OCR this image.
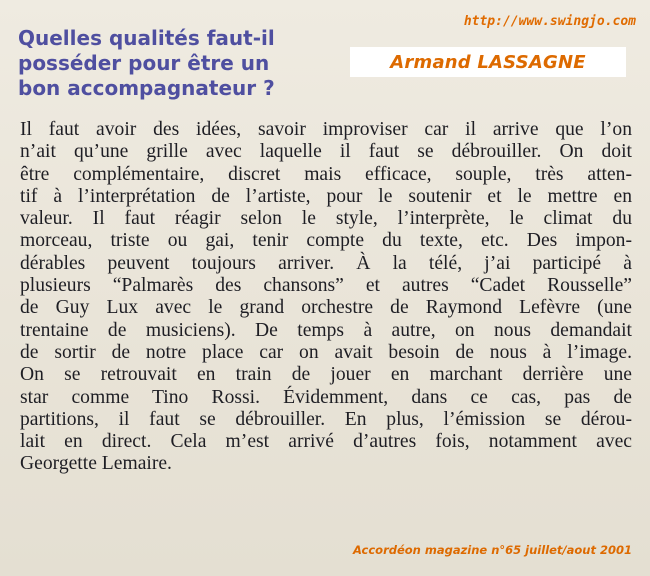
http://www.swingjo.com
Quelles qualités faut-il
posséder pour être un
bon accompagnateur ?
Armand LASSAGNE
Il faut avoir des idées, savoir improviser car il arrive que l’on
n’ait qu’une grille avec laquelle il faut se débrouiller. On doit
être complémentaire, discret mais efficace, souple, très atten-
tif à l’interprétation de l’artiste, pour le soutenir et le mettre en
valeur. Il faut réagir selon le style, l’interprète, le climat du
morceau, triste ou gai, tenir compte du texte, etc. Des impon-
dérables peuvent toujours arriver. À la télé, j’ai participé à
plusieurs “Palmarès des chansons” et autres “Cadet Rousselle”
de Guy Lux avec le grand orchestre de Raymond Lefèvre (une
trentaine de musiciens). De temps à autre, on nous demandait
de sortir de notre place car on avait besoin de nous à l’image.
On se retrouvait en train de jouer en marchant derrière une
star comme Tino Rossi. Évidemment, dans ce cas, pas de
partitions, il faut se débrouiller. En plus, l’émission se dérou-
lait en direct. Cela m’est arrivé d’autres fois, notamment avec
Georgette Lemaire.
Accordéon magazine n°65 juillet/aout 2001
